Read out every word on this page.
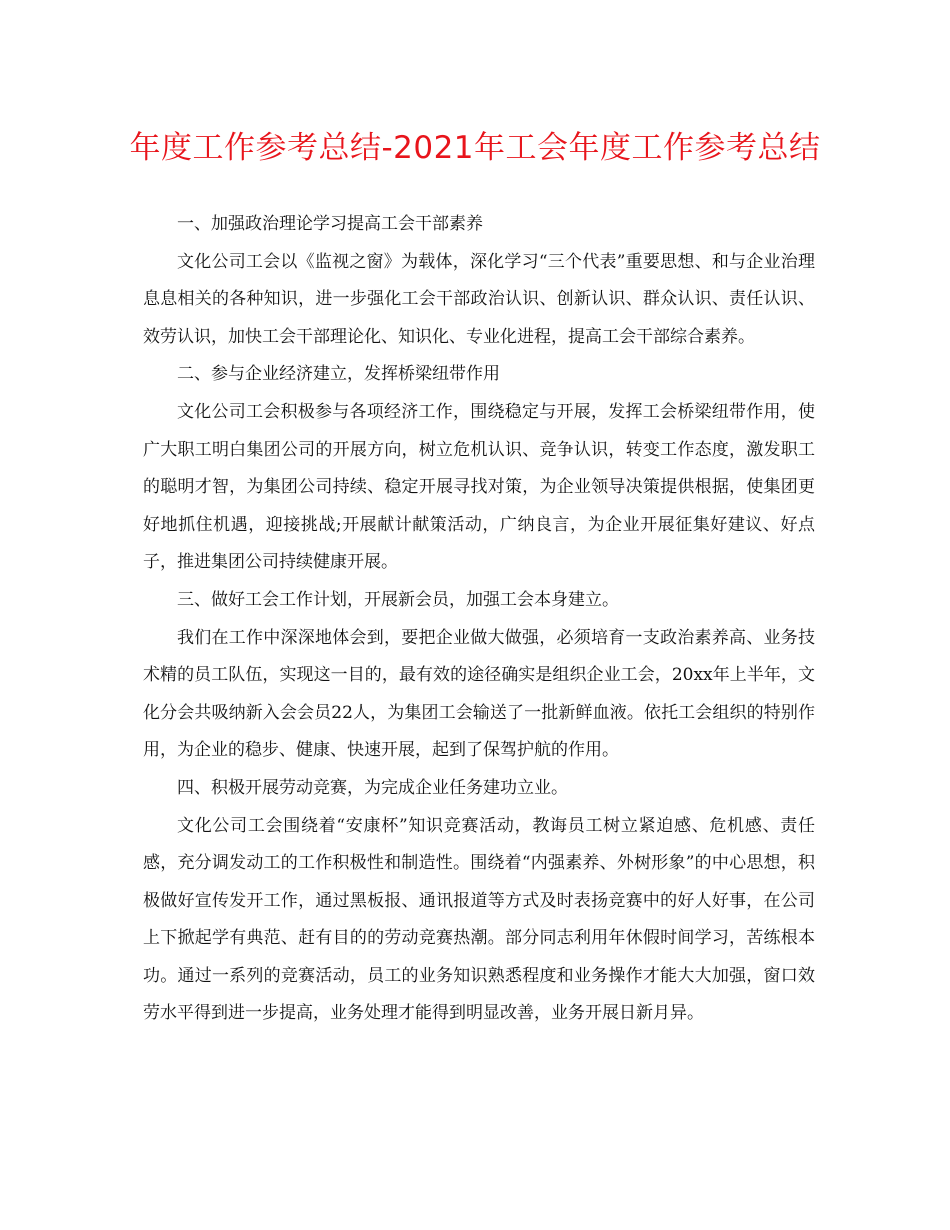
年度工作参考总结-2021年工会年度工作参考总结

一、加强政治理论学习提高工会干部素养

文化公司工会以《监视之窗》为载体，深化学习“三个代表”重要思想、和与企业治理息息相关的各种知识，进一步强化工会干部政治认识、创新认识、群众认识、责任认识、效劳认识，加快工会干部理论化、知识化、专业化进程，提高工会干部综合素养。

二、参与企业经济建立，发挥桥梁纽带作用

文化公司工会积极参与各项经济工作，围绕稳定与开展，发挥工会桥梁纽带作用，使广大职工明白集团公司的开展方向，树立危机认识、竞争认识，转变工作态度，激发职工的聪明才智，为集团公司持续、稳定开展寻找对策，为企业领导决策提供根据，使集团更好地抓住机遇，迎接挑战;开展献计献策活动，广纳良言，为企业开展征集好建议、好点子，推进集团公司持续健康开展。

三、做好工会工作计划，开展新会员，加强工会本身建立。

我们在工作中深深地体会到，要把企业做大做强，必须培育一支政治素养高、业务技术精的员工队伍，实现这一目的，最有效的途径确实是组织企业工会，20xx年上半年，文化分会共吸纳新入会会员22人，为集团工会输送了一批新鲜血液。依托工会组织的特别作用，为企业的稳步、健康、快速开展，起到了保驾护航的作用。

四、积极开展劳动竞赛，为完成企业任务建功立业。

文化公司工会围绕着“安康杯”知识竞赛活动，教诲员工树立紧迫感、危机感、责任感，充分调发动工的工作积极性和制造性。围绕着“内强素养、外树形象”的中心思想，积极做好宣传发开工作，通过黑板报、通讯报道等方式及时表扬竞赛中的好人好事，在公司上下掀起学有典范、赶有目的的劳动竞赛热潮。部分同志利用年休假时间学习，苦练根本功。通过一系列的竞赛活动，员工的业务知识熟悉程度和业务操作才能大大加强，窗口效劳水平得到进一步提高，业务处理才能得到明显改善，业务开展日新月异。
